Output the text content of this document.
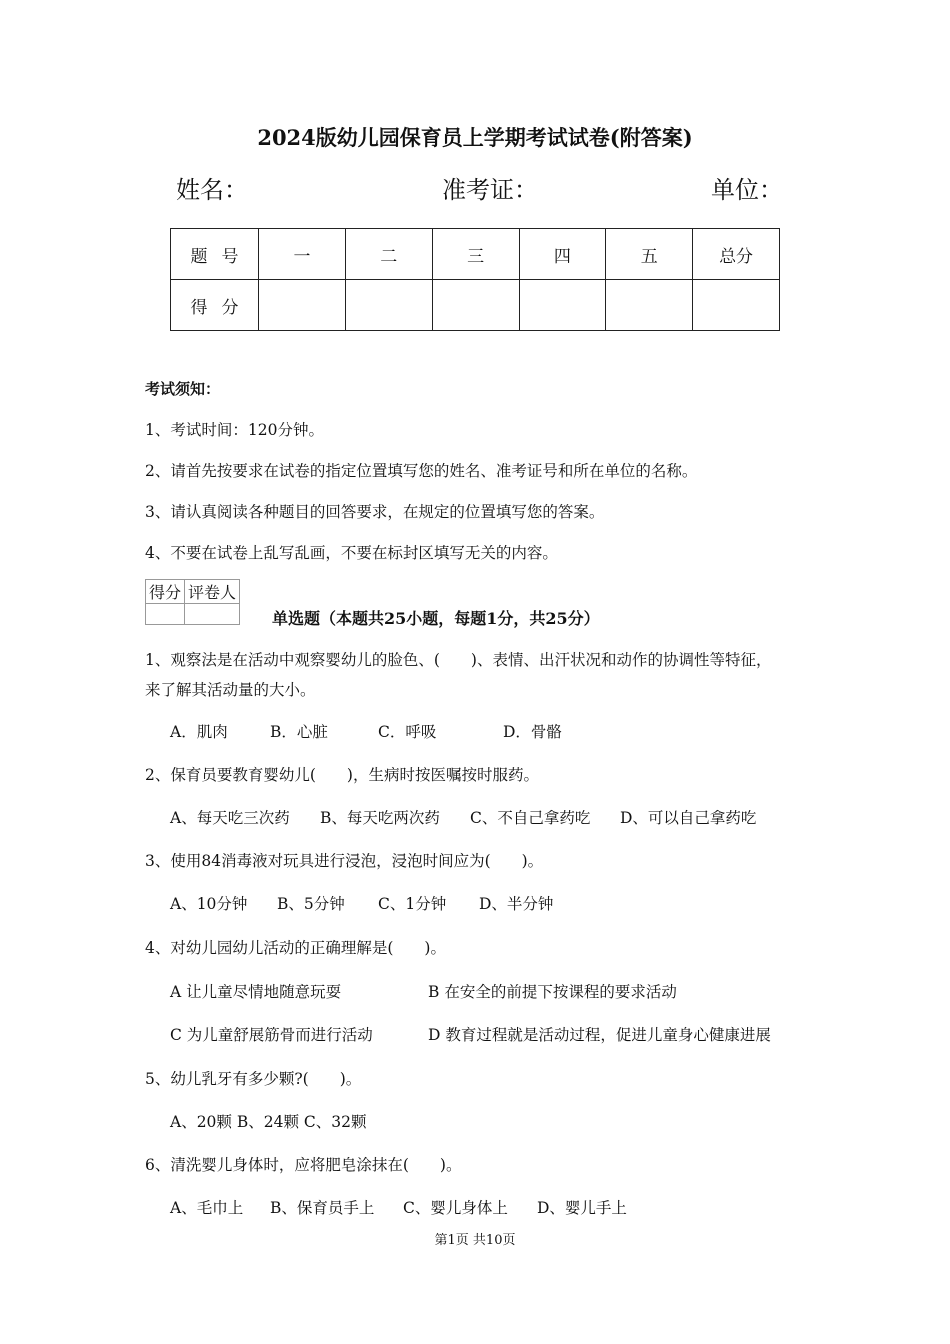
2024版幼儿园保育员上学期考试试卷(附答案)
姓名：	准考证：	单位：
题号	一	二	三	四	五	总分
得分						
考试须知：
1、考试时间：120分钟。
2、请首先按要求在试卷的指定位置填写您的姓名、准考证号和所在单位的名称。
3、请认真阅读各种题目的回答要求，在规定的位置填写您的答案。
4、不要在试卷上乱写乱画，不要在标封区填写无关的内容。
得分	评卷人

单选题（本题共25小题，每题1分，共25分）
1、观察法是在活动中观察婴幼儿的脸色、(　　)、表情、出汗状况和动作的协调性等特征，
来了解其活动量的大小。
A．肌肉	B．心脏	C．呼吸	D．骨骼
2、保育员要教育婴幼儿(　　)，生病时按医嘱按时服药。
A、每天吃三次药 B、每天吃两次药 C、不自己拿药吃 D、可以自己拿药吃
3、使用84消毒液对玩具进行浸泡，浸泡时间应为(　　)。
A、10分钟 B、5分钟 C、1分钟 D、半分钟
4、对幼儿园幼儿活动的正确理解是(　　)。
A 让儿童尽情地随意玩耍	B 在安全的前提下按课程的要求活动
C 为儿童舒展筋骨而进行活动	D 教育过程就是活动过程，促进儿童身心健康进展
5、幼儿乳牙有多少颗?(　　)。
A、20颗 B、24颗 C、32颗
6、清洗婴儿身体时，应将肥皂涂抹在(　　)。
A、毛巾上 B、保育员手上 C、婴儿身体上 D、婴儿手上
第1页 共10页
